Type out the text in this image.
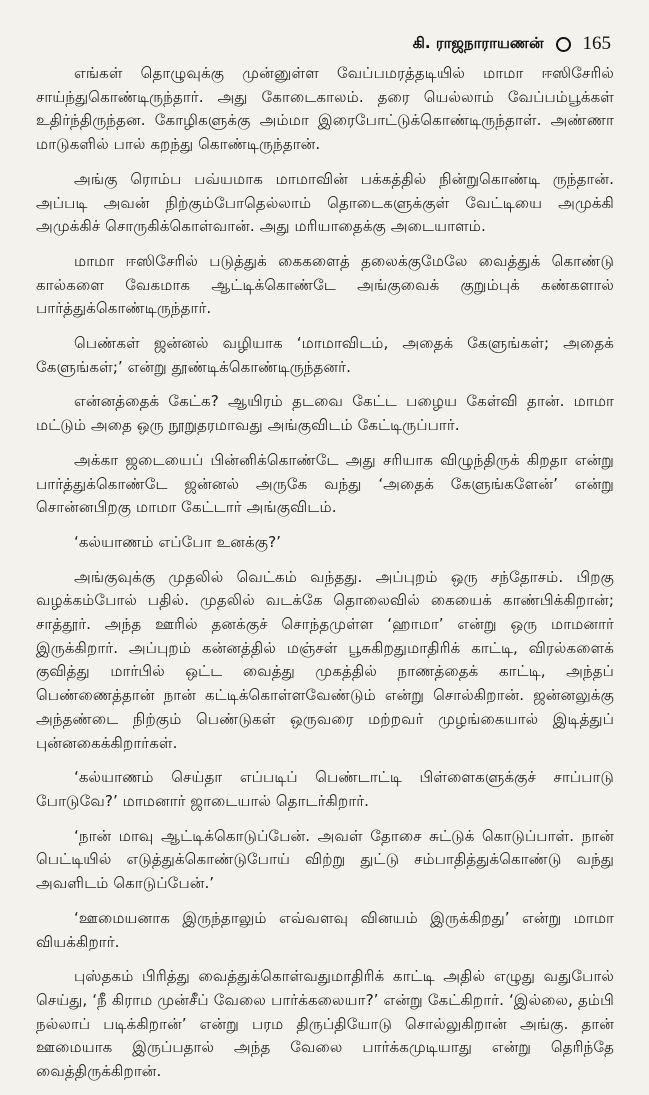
கி. ராஜநாராயணன் 165

எங்கள் தொழுவுக்கு முன்னுள்ள வேப்பமரத்தடியில் மாமா ஈஸிசேரில் சாய்ந்துகொண்டிருந்தார். அது கோடைகாலம். தரை யெல்லாம் வேப்பம்பூக்கள் உதிர்ந்திருந்தன. கோழிகளுக்கு அம்மா இரைபோட்டுக்கொண்டிருந்தாள். அண்ணா மாடுகளில் பால் கறந்து கொண்டிருந்தான்.

அங்கு ரொம்ப பவ்யமாக மாமாவின் பக்கத்தில் நின்றுகொண்டி ருந்தான். அப்படி அவன் நிற்கும்போதெல்லாம் தொடைகளுக்குள் வேட்டியை அமுக்கி அமுக்கிச் சொருகிக்கொள்வான். அது மரியாதைக்கு அடையாளம்.

மாமா ஈஸிசேரில் படுத்துக் கைகளைத் தலைக்குமேலே வைத்துக் கொண்டு கால்களை வேகமாக ஆட்டிக்கொண்டே அங்குவைக் குறும்புக் கண்களால் பார்த்துக்கொண்டிருந்தார்.

பெண்கள் ஜன்னல் வழியாக ‘மாமாவிடம், அதைக் கேளுங்கள்; அதைக் கேளுங்கள்;’ என்று தூண்டிக்கொண்டிருந்தனர்.

என்னத்தைக் கேட்க? ஆயிரம் தடவை கேட்ட பழைய கேள்வி தான். மாமா மட்டும் அதை ஒரு நூறுதரமாவது அங்குவிடம் கேட்டிருப்பார்.

அக்கா ஜடையைப் பின்னிக்கொண்டே அது சரியாக விழுந்திருக் கிறதா என்று பார்த்துக்கொண்டே ஜன்னல் அருகே வந்து ‘அதைக் கேளுங்களேன்’ என்று சொன்னபிறகு மாமா கேட்டார் அங்குவிடம்.

‘கல்யாணம் எப்போ உனக்கு?’

அங்குவுக்கு முதலில் வெட்கம் வந்தது. அப்புறம் ஒரு சந்தோசம். பிறகு வழக்கம்போல் பதில். முதலில் வடக்கே தொலைவில் கையைக் காண்பிக்கிறான்; சாத்தூர். அந்த ஊரில் தனக்குச் சொந்தமுள்ள ‘ஹாமா’ என்று ஒரு மாமனார் இருக்கிறார். அப்புறம் கன்னத்தில் மஞ்சள் பூசுகிறதுமாதிரிக் காட்டி, விரல்களைக் குவித்து மார்பில் ஒட்ட வைத்து முகத்தில் நாணத்தைக் காட்டி, அந்தப் பெண்ணைத்தான் நான் கட்டிக்கொள்ளவேண்டும் என்று சொல்கிறான். ஜன்னலுக்கு அந்தண்டை நிற்கும் பெண்டுகள் ஒருவரை மற்றவர் முழங்கையால் இடித்துப் புன்னகைக்கிறார்கள்.

‘கல்யாணம் செய்தா எப்படிப் பெண்டாட்டி பிள்ளைகளுக்குச் சாப்பாடு போடுவே?’ மாமனார் ஜாடையால் தொடர்கிறார்.

‘நான் மாவு ஆட்டிக்கொடுப்பேன். அவள் தோசை சுட்டுக் கொடுப்பாள். நான் பெட்டியில் எடுத்துக்கொண்டுபோய் விற்று துட்டு சம்பாதித்துக்கொண்டு வந்து அவளிடம் கொடுப்பேன்.’

‘ஊமையனாக இருந்தாலும் எவ்வளவு வினயம் இருக்கிறது’ என்று மாமா வியக்கிறார்.

புஸ்தகம் பிரித்து வைத்துக்கொள்வதுமாதிரிக் காட்டி அதில் எழுது வதுபோல் செய்து, ‘நீ கிராம முன்சீப் வேலை பார்க்கலையா?’ என்று கேட்கிறார். ‘இல்லை, தம்பி நல்லாப் படிக்கிறான்’ என்று பரம திருப்தியோடு சொல்லுகிறான் அங்கு. தான் ஊமையாக இருப்பதால் அந்த வேலை பார்க்கமுடியாது என்று தெரிந்தே வைத்திருக்கிறான்.
